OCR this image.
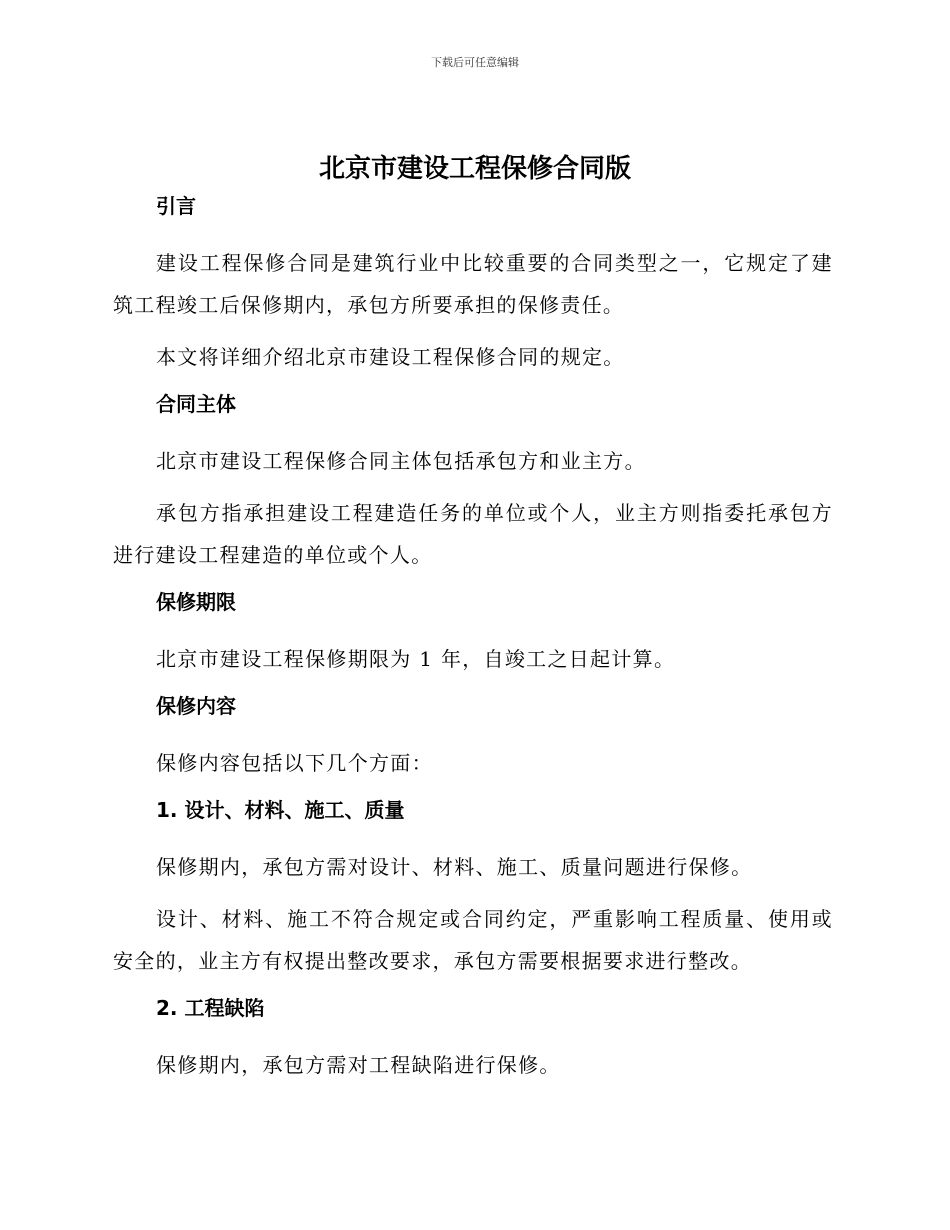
下载后可任意编辑
北京市建设工程保修合同版
引言
建设工程保修合同是建筑行业中比较重要的合同类型之一，它规定了建筑工程竣工后保修期内，承包方所要承担的保修责任。
本文将详细介绍北京市建设工程保修合同的规定。
合同主体
北京市建设工程保修合同主体包括承包方和业主方。
承包方指承担建设工程建造任务的单位或个人，业主方则指委托承包方进行建设工程建造的单位或个人。
保修期限
北京市建设工程保修期限为 1 年，自竣工之日起计算。
保修内容
保修内容包括以下几个方面：
1. 设计、材料、施工、质量
保修期内，承包方需对设计、材料、施工、质量问题进行保修。
设计、材料、施工不符合规定或合同约定，严重影响工程质量、使用或安全的，业主方有权提出整改要求，承包方需要根据要求进行整改。
2. 工程缺陷
保修期内，承包方需对工程缺陷进行保修。
